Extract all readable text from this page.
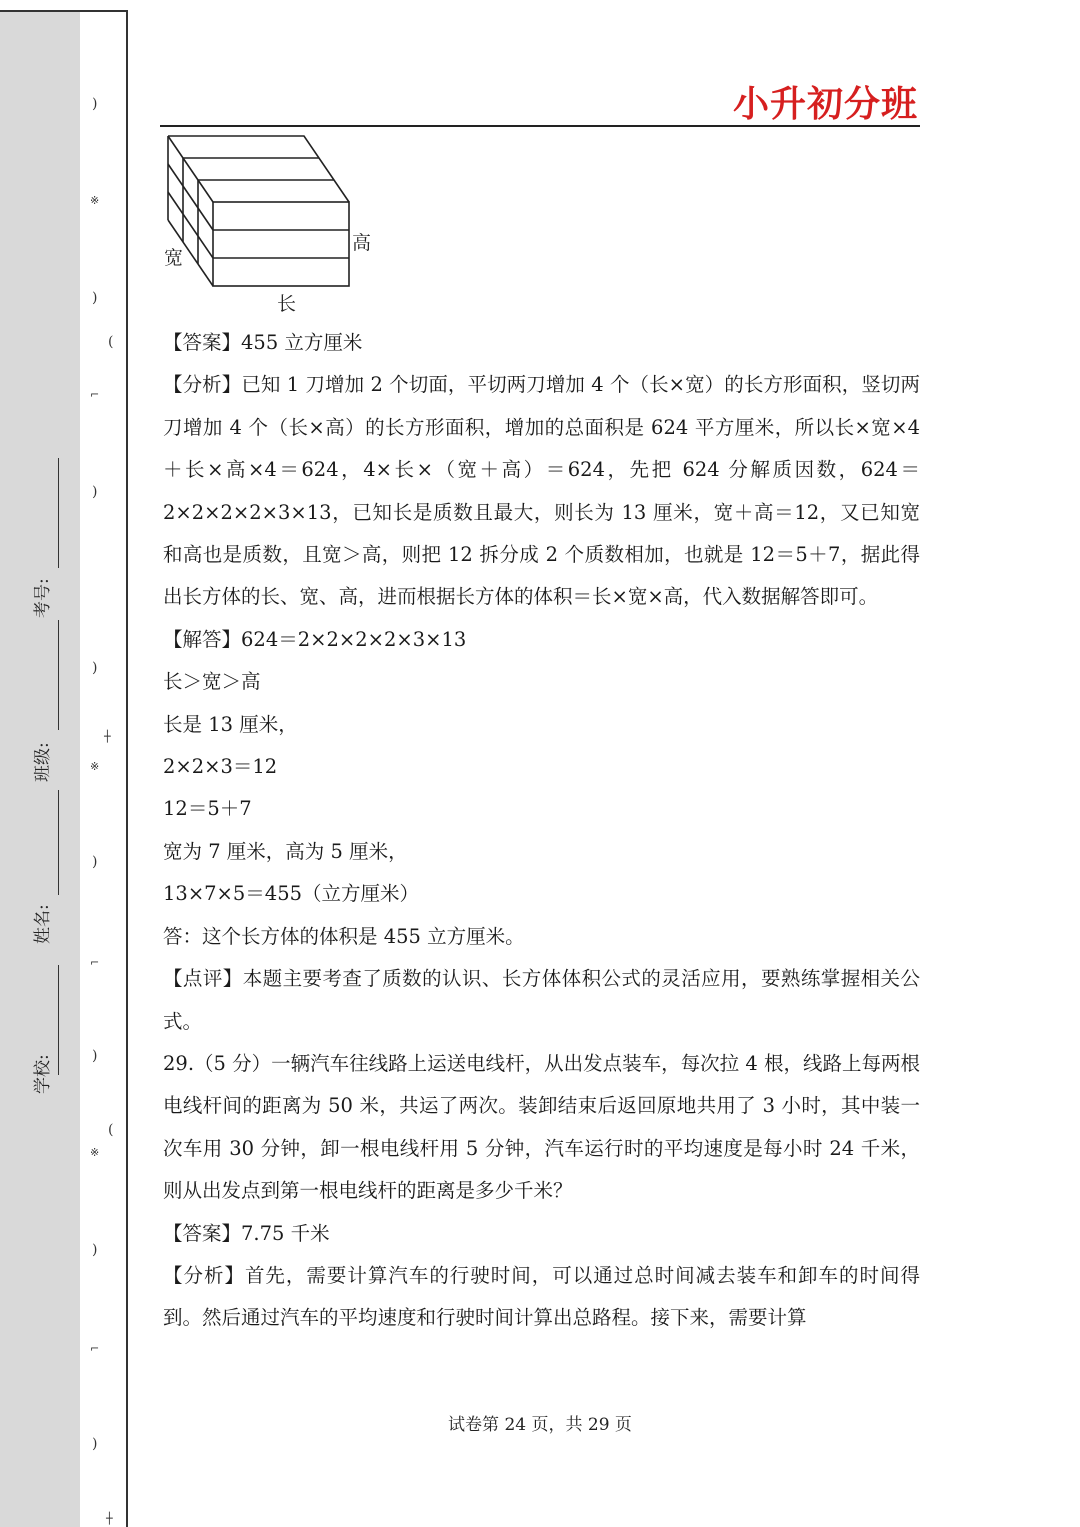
)
※
)
(
⌐
)
)
┼
※
)
⌐
)
(
※
)
⌐
)
┼
学校:
姓名:
班级:
考号:
小升初分班
宽
高
长

【答案】455 立方厘米

【分析】已知 1 刀增加 2 个切面，平切两刀增加 4 个（长×宽）的长方形面积，竖切两刀增加 4 个（长×高）的长方形面积，增加的总面积是 624 平方厘米，所以长×宽×4＋长×高×4＝624，4×长×（宽＋高）＝624，先把 624 分解质因数，624＝2×2×2×2×3×13，已知长是质数且最大，则长为 13 厘米，宽＋高＝12，又已知宽和高也是质数，且宽＞高，则把 12 拆分成 2 个质数相加，也就是 12＝5＋7，据此得出长方体的长、宽、高，进而根据长方体的体积＝长×宽×高，代入数据解答即可。

【解答】624＝2×2×2×2×3×13

长＞宽＞高

长是 13 厘米，

2×2×3＝12

12＝5＋7

宽为 7 厘米，高为 5 厘米，

13×7×5＝455（立方厘米）

答：这个长方体的体积是 455 立方厘米。

【点评】本题主要考查了质数的认识、长方体体积公式的灵活应用，要熟练掌握相关公式。

29.（5 分）一辆汽车往线路上运送电线杆，从出发点装车，每次拉 4 根，线路上每两根电线杆间的距离为 50 米，共运了两次。装卸结束后返回原地共用了 3 小时，其中装一次车用 30 分钟，卸一根电线杆用 5 分钟，汽车运行时的平均速度是每小时 24 千米，则从出发点到第一根电线杆的距离是多少千米？

【答案】7.75 千米

【分析】首先，需要计算汽车的行驶时间，可以通过总时间减去装车和卸车的时间得到。然后通过汽车的平均速度和行驶时间计算出总路程。接下来，需要计算

试卷第 24 页，共 29 页
